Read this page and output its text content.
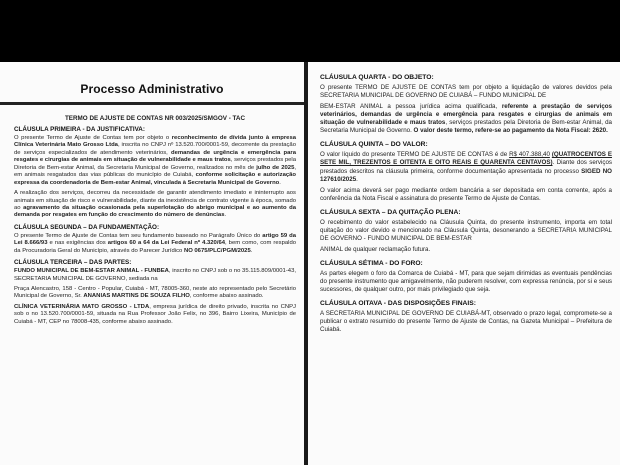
Processo Administrativo
TERMO DE AJUSTE DE CONTAS NR 003/2025/SMGOV - TAC
CLÁUSULA PRIMEIRA - DA JUSTIFICATIVA:

O presente Termo de Ajuste de Contas tem por objeto o reconhecimento de dívida junto à empresa Clínica Veterinária Mato Grosso Ltda, inscrita no CNPJ nº 13.520.700/0001-59, decorrente da prestação de serviços especializados de atendimento veterinários, demandas de urgência e emergência para resgates e cirurgias de animais em situação de vulnerabilidade e maus tratos, serviços prestados pela Diretoria de Bem-estar Animal, da Secretaria Municipal de Governo, realizados no mês de julho de 2025, em animais resgatados das vias públicas do município de Cuiabá, conforme solicitação e autorização expressa da coordenadoria de Bem-estar Animal, vinculada à Secretaria Municipal de Governo.

A realização dos serviços, decorreu da necessidade de garantir atendimento imediato e ininterrupto aos animais em situação de risco e vulnerabilidade, diante da inexistência de contrato vigente à época, somado ao agravamento da situação ocasionada pela superlotação do abrigo municipal e ao aumento da demanda por resgates em função do crescimento do número de denúncias.

CLÁUSULA SEGUNDA – DA FUNDAMENTAÇÃO:

O presente Termo de Ajuste de Contas tem seu fundamento baseado no Parágrafo Único do artigo 59 da Lei 8.666/93 e nas exigências dos artigos 60 a 64 da Lei Federal nº 4.320/64, bem como, com respaldo da Procuradoria Geral do Município, através do Parecer Jurídico NO 0675/PLC/PGM/2025.

CLÁUSULA TERCEIRA – DAS PARTES:

FUNDO MUNICIPAL DE BEM-ESTAR ANIMAL - FUNBEA, inscrito no CNPJ sob o no 35.115.809/0001-43, SECRETARIA MUNICIPAL DE GOVERNO, sediada na

Praça Alencastro, 158 - Centro - Popular, Cuiabá - MT, 78005-360, neste ato representado pelo Secretário Municipal de Governo, Sr. ANANIAS MARTINS DE SOUZA FILHO, conforme abaixo assinado.

CLÍNICA VETERINÁRIA MATO GROSSO - LTDA, empresa jurídica de direito privado, inscrita no CNPJ sob o no 13.520.700/0001-59, situada na Rua Professor João Felix, no 396, Bairro Lixeira, Município de Cuiabá - MT, CEP no 78008-435, conforme abaixo assinado.

CLÁUSULA QUARTA - DO OBJETO:

O presente TERMO DE AJUSTE DE CONTAS tem por objeto a liquidação de valores devidos pela SECRETARIA MUNICIPAL DE GOVERNO DE CUIABÁ – FUNDO MUNICIPAL DE

BEM-ESTAR ANIMAL a pessoa jurídica acima qualificada, referente a prestação de serviços veterinários, demandas de urgência e emergência para resgates e cirurgias de animais em situação de vulnerabilidade e maus tratos, serviços prestados pela Diretoria de Bem-estar Animal, da Secretaria Municipal de Governo. O valor deste termo, refere-se ao pagamento da Nota Fiscal: 2620.

CLÁUSULA QUINTA – DO VALOR:

O valor líquido do presente TERMO DE AJUSTE DE CONTAS é de R$ 407.388,40 (QUATROCENTOS E SETE MIL, TREZENTOS E OITENTA E OITO REAIS E QUARENTA CENTAVOS). Diante dos serviços prestados descritos na cláusula primeira, conforme documentação apresentada no processo SIGED NO 127610/2025.

O valor acima deverá ser pago mediante ordem bancária a ser depositada em conta corrente, após a conferência da Nota Fiscal e assinatura do presente Termo de Ajuste de Contas.

CLÁUSULA SEXTA – DA QUITAÇÃO PLENA:

O recebimento do valor estabelecido na Cláusula Quinta, do presente instrumento, importa em total quitação do valor devido e mencionado na Cláusula Quinta, desonerando a SECRETARIA MUNICIPAL DE GOVERNO - FUNDO MUNICIPAL DE BEM-ESTAR

ANIMAL de qualquer reclamação futura.

CLÁUSULA SÉTIMA - DO FORO:

As partes elegem o foro da Comarca de Cuiabá - MT, para que sejam dirimidas as eventuais pendências do presente instrumento que amigavelmente, não puderem resolver, com expressa renúncia, por si e seus sucessores, de qualquer outro, por mais privilegiado que seja.

CLÁUSULA OITAVA - DAS DISPOSIÇÕES FINAIS:

A SECRETARIA MUNICIPAL DE GOVERNO DE CUIABÁ-MT, observado o prazo legal, compromete-se a publicar o extrato resumido do presente Termo de Ajuste de Contas, na Gazeta Municipal – Prefeitura de Cuiabá.
